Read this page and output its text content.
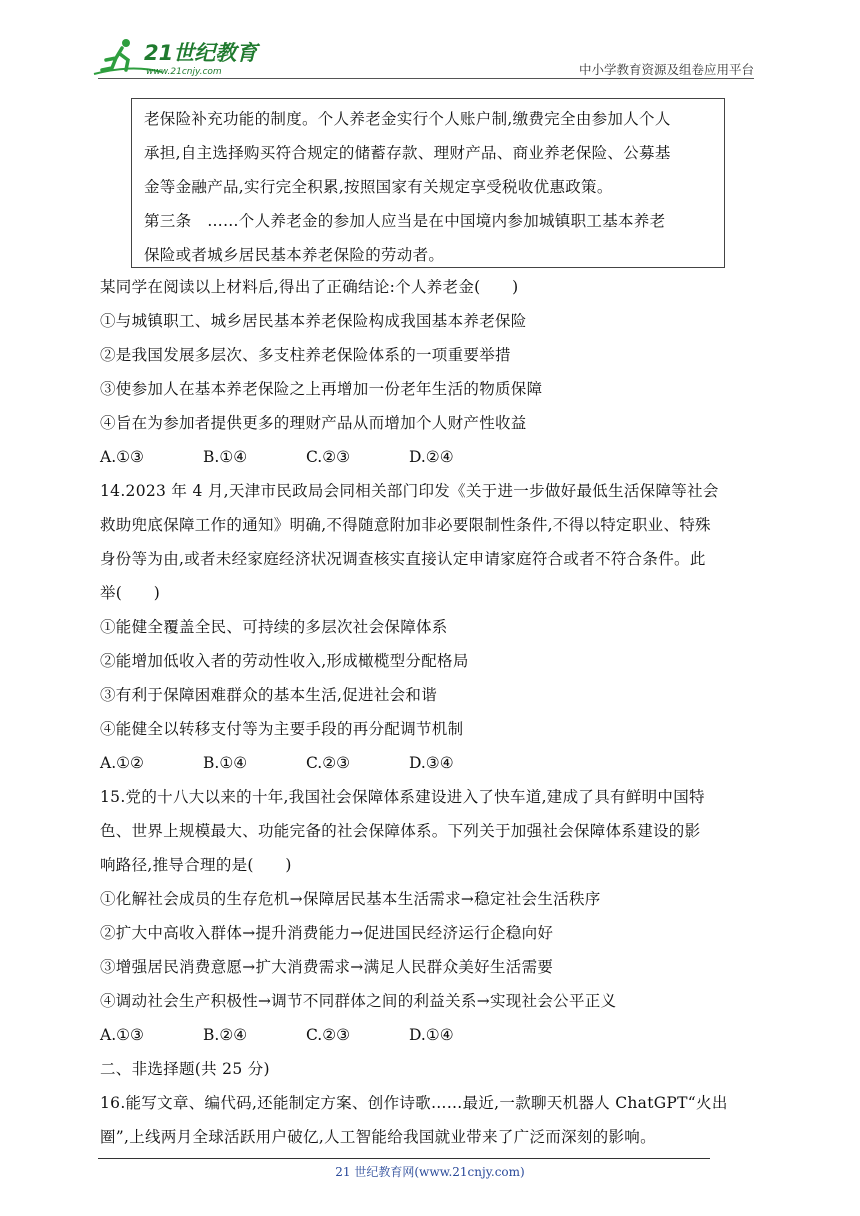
21世纪教育
www.21cnjy.com	中小学教育资源及组卷应用平台
老保险补充功能的制度。个人养老金实行个人账户制,缴费完全由参加人个人
承担,自主选择购买符合规定的储蓄存款、理财产品、商业养老保险、公募基
金等金融产品,实行完全积累,按照国家有关规定享受税收优惠政策。
第三条　……个人养老金的参加人应当是在中国境内参加城镇职工基本养老
保险或者城乡居民基本养老保险的劳动者。
某同学在阅读以上材料后,得出了正确结论:个人养老金(　　)
①与城镇职工、城乡居民基本养老保险构成我国基本养老保险
②是我国发展多层次、多支柱养老保险体系的一项重要举措
③使参加人在基本养老保险之上再增加一份老年生活的物质保障
④旨在为参加者提供更多的理财产品从而增加个人财产性收益
A.①③	B.①④	C.②③	D.②④
14.2023 年 4 月,天津市民政局会同相关部门印发《关于进一步做好最低生活保障等社会
救助兜底保障工作的通知》明确,不得随意附加非必要限制性条件,不得以特定职业、特殊
身份等为由,或者未经家庭经济状况调查核实直接认定申请家庭符合或者不符合条件。此
举(　　)
①能健全覆盖全民、可持续的多层次社会保障体系
②能增加低收入者的劳动性收入,形成橄榄型分配格局
③有利于保障困难群众的基本生活,促进社会和谐
④能健全以转移支付等为主要手段的再分配调节机制
A.①②	B.①④	C.②③	D.③④
15.党的十八大以来的十年,我国社会保障体系建设进入了快车道,建成了具有鲜明中国特
色、世界上规模最大、功能完备的社会保障体系。下列关于加强社会保障体系建设的影
响路径,推导合理的是(　　)
①化解社会成员的生存危机→保障居民基本生活需求→稳定社会生活秩序
②扩大中高收入群体→提升消费能力→促进国民经济运行企稳向好
③增强居民消费意愿→扩大消费需求→满足人民群众美好生活需要
④调动社会生产积极性→调节不同群体之间的利益关系→实现社会公平正义
A.①③	B.②④	C.②③	D.①④
二、非选择题(共 25 分)
16.能写文章、编代码,还能制定方案、创作诗歌……最近,一款聊天机器人 ChatGPT“火出
圈”,上线两月全球活跃用户破亿,人工智能给我国就业带来了广泛而深刻的影响。
21 世纪教育网(www.21cnjy.com)
